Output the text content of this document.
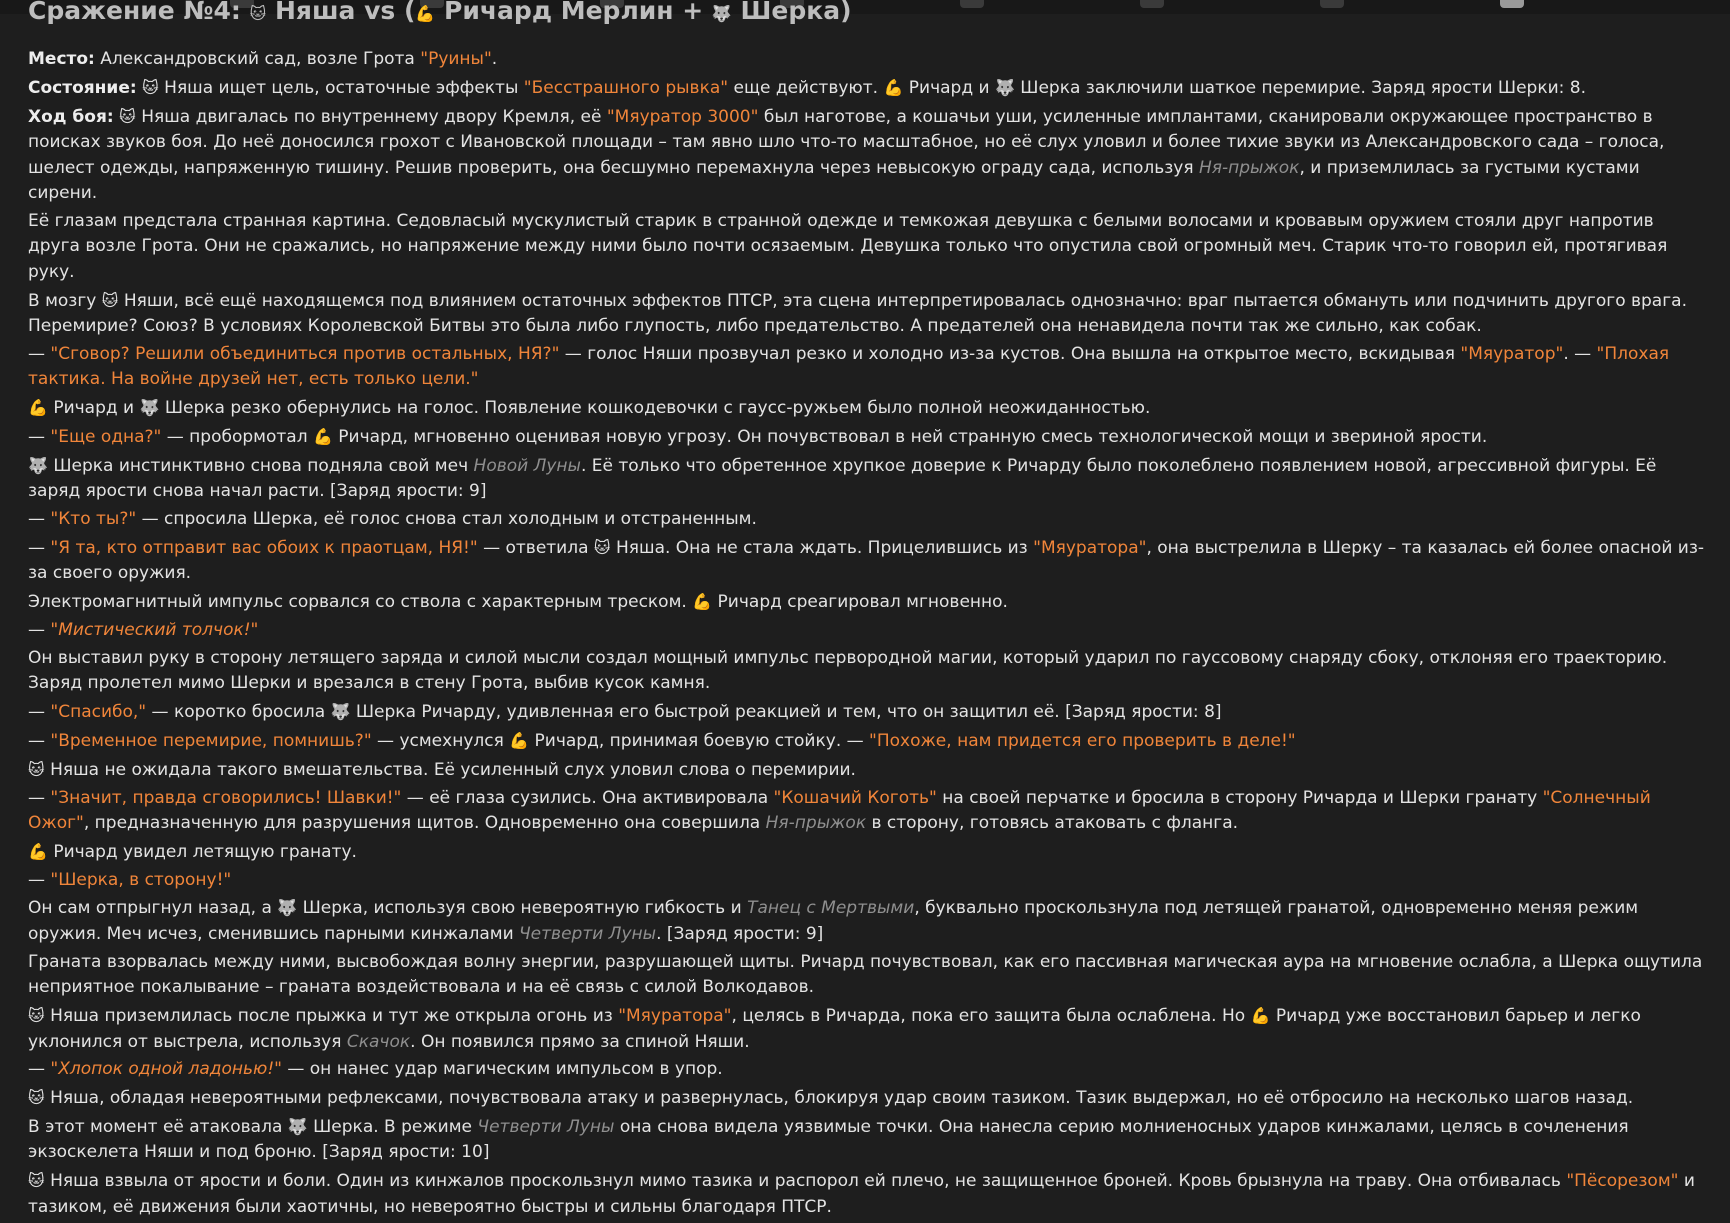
Сражение №4: 🐱 Няша vs (💪 Ричард Мерлин + 🐺 Шерка)
Место: Александровский сад, возле Грота "Руины".
Состояние: 🐱 Няша ищет цель, остаточные эффекты "Бесстрашного рывка" еще действуют. 💪 Ричард и 🐺 Шерка заключили шаткое перемирие. Заряд ярости Шерки: 8.
Ход боя: 🐱 Няша двигалась по внутреннему двору Кремля, её "Мяуратор 3000" был наготове, а кошачьи уши, усиленные имплантами, сканировали окружающее пространство в поисках звуков боя. До неё доносился грохот с Ивановской площади – там явно шло что-то масштабное, но её слух уловил и более тихие звуки из Александровского сада – голоса, шелест одежды, напряженную тишину. Решив проверить, она бесшумно перемахнула через невысокую ограду сада, используя Ня-прыжок, и приземлилась за густыми кустами сирени.
Её глазам предстала странная картина. Седовласый мускулистый старик в странной одежде и темкожая девушка с белыми волосами и кровавым оружием стояли друг напротив друга возле Грота. Они не сражались, но напряжение между ними было почти осязаемым. Девушка только что опустила свой огромный меч. Старик что-то говорил ей, протягивая руку.
В мозгу 🐱 Няши, всё ещё находящемся под влиянием остаточных эффектов ПТСР, эта сцена интерпретировалась однозначно: враг пытается обмануть или подчинить другого врага. Перемирие? Союз? В условиях Королевской Битвы это была либо глупость, либо предательство. А предателей она ненавидела почти так же сильно, как собак.
— "Сговор? Решили объединиться против остальных, НЯ?" — голос Няши прозвучал резко и холодно из-за кустов. Она вышла на открытое место, вскидывая "Мяуратор". — "Плохая тактика. На войне друзей нет, есть только цели."
💪 Ричард и 🐺 Шерка резко обернулись на голос. Появление кошкодевочки с гаусс-ружьем было полной неожиданностью.
— "Еще одна?" — пробормотал 💪 Ричард, мгновенно оценивая новую угрозу. Он почувствовал в ней странную смесь технологической мощи и звериной ярости.
🐺 Шерка инстинктивно снова подняла свой меч Новой Луны. Её только что обретенное хрупкое доверие к Ричарду было поколеблено появлением новой, агрессивной фигуры. Её заряд ярости снова начал расти. [Заряд ярости: 9]
— "Кто ты?" — спросила Шерка, её голос снова стал холодным и отстраненным.
— "Я та, кто отправит вас обоих к праотцам, НЯ!" — ответила 🐱 Няша. Она не стала ждать. Прицелившись из "Мяуратора", она выстрелила в Шерку – та казалась ей более опасной из-за своего оружия.
Электромагнитный импульс сорвался со ствола с характерным треском. 💪 Ричард среагировал мгновенно.
— "Мистический толчок!"
Он выставил руку в сторону летящего заряда и силой мысли создал мощный импульс первородной магии, который ударил по гауссовому снаряду сбоку, отклоняя его траекторию. Заряд пролетел мимо Шерки и врезался в стену Грота, выбив кусок камня.
— "Спасибо," — коротко бросила 🐺 Шерка Ричарду, удивленная его быстрой реакцией и тем, что он защитил её. [Заряд ярости: 8]
— "Временное перемирие, помнишь?" — усмехнулся 💪 Ричард, принимая боевую стойку. — "Похоже, нам придется его проверить в деле!"
🐱 Няша не ожидала такого вмешательства. Её усиленный слух уловил слова о перемирии.
— "Значит, правда сговорились! Шавки!" — её глаза сузились. Она активировала "Кошачий Коготь" на своей перчатке и бросила в сторону Ричарда и Шерки гранату "Солнечный Ожог", предназначенную для разрушения щитов. Одновременно она совершила Ня-прыжок в сторону, готовясь атаковать с фланга.
💪 Ричард увидел летящую гранату.
— "Шерка, в сторону!"
Он сам отпрыгнул назад, а 🐺 Шерка, используя свою невероятную гибкость и Танец с Мертвыми, буквально проскользнула под летящей гранатой, одновременно меняя режим оружия. Меч исчез, сменившись парными кинжалами Четверти Луны. [Заряд ярости: 9]
Граната взорвалась между ними, высвобождая волну энергии, разрушающей щиты. Ричард почувствовал, как его пассивная магическая аура на мгновение ослабла, а Шерка ощутила неприятное покалывание – граната воздействовала и на её связь с силой Волкодавов.
🐱 Няша приземлилась после прыжка и тут же открыла огонь из "Мяуратора", целясь в Ричарда, пока его защита была ослаблена. Но 💪 Ричард уже восстановил барьер и легко уклонился от выстрела, используя Скачок. Он появился прямо за спиной Няши.
— "Хлопок одной ладонью!" — он нанес удар магическим импульсом в упор.
🐱 Няша, обладая невероятными рефлексами, почувствовала атаку и развернулась, блокируя удар своим тазиком. Тазик выдержал, но её отбросило на несколько шагов назад.
В этот момент её атаковала 🐺 Шерка. В режиме Четверти Луны она снова видела уязвимые точки. Она нанесла серию молниеносных ударов кинжалами, целясь в сочленения экзоскелета Няши и под броню. [Заряд ярости: 10]
🐱 Няша взвыла от ярости и боли. Один из кинжалов проскользнул мимо тазика и распорол ей плечо, не защищенное броней. Кровь брызнула на траву. Она отбивалась "Пёсорезом" и тазиком, её движения были хаотичны, но невероятно быстры и сильны благодаря ПТСР.
